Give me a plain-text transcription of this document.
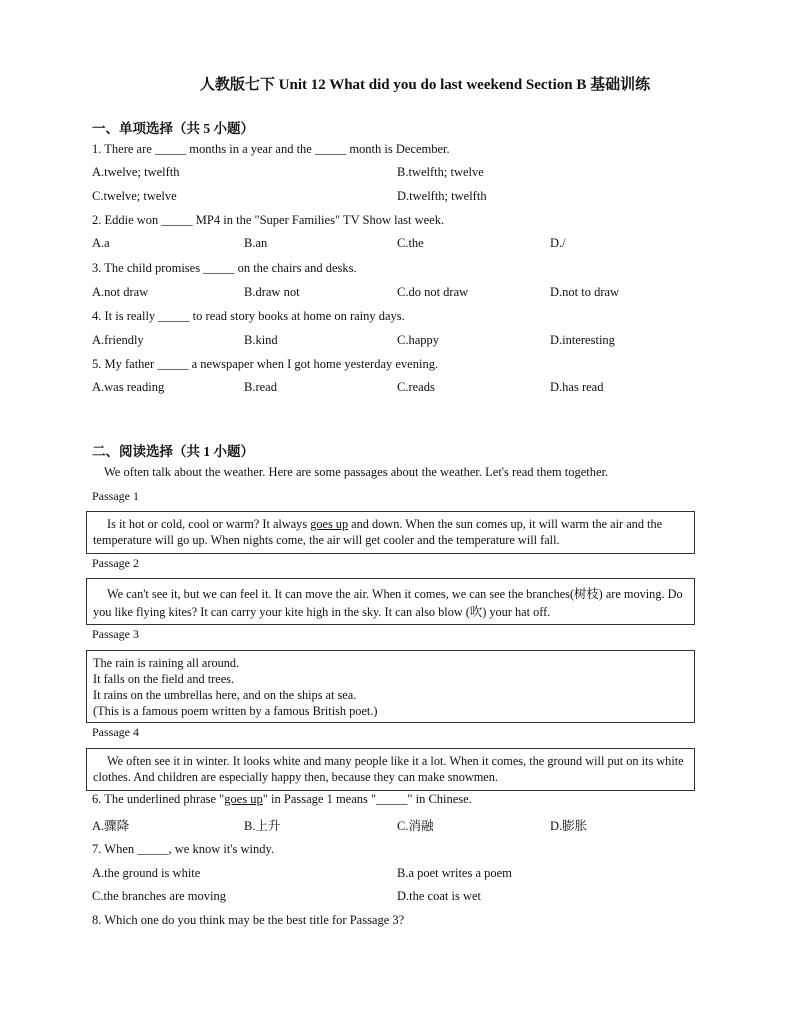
人教版七下 Unit 12 What did you do last weekend Section B 基础训练
一、单项选择（共 5 小题）
1. There are _____ months in a year and the _____ month is December.
A.twelve; twelfth	B.twelfth; twelve
C.twelve; twelve	D.twelfth; twelfth
2. Eddie won _____ MP4 in the "Super Families" TV Show last week.
A.a	B.an	C.the	D./
3. The child promises _____ on the chairs and desks.
A.not draw	B.draw not	C.do not draw	D.not to draw
4. It is really _____ to read story books at home on rainy days.
A.friendly	B.kind	C.happy	D.interesting
5. My father _____ a newspaper when I got home yesterday evening.
A.was reading	B.read	C.reads	D.has read
二、阅读选择（共 1 小题）
We often talk about the weather. Here are some passages about the weather. Let's read them together.
Passage 1

Is it hot or cold, cool or warm? It always goes up and down. When the sun comes up, it will warm the air and the temperature will go up. When nights come, the air will get cooler and the temperature will fall.

Passage 2

We can't see it, but we can feel it. It can move the air. When it comes, we can see the branches(树枝) are moving. Do you like flying kites? It can carry your kite high in the sky. It can also blow (吹) your hat off.

Passage 3

The rain is raining all around.

It falls on the field and trees.

It rains on the umbrellas here, and on the ships at sea.

(This is a famous poem written by a famous British poet.)

Passage 4

We often see it in winter. It looks white and many people like it a lot. When it comes, the ground will put on its white clothes. And children are especially happy then, because they can make snowmen.

6. The underlined phrase "goes up" in Passage 1 means "_____" in Chinese.
A.骤降	B.上升	C.消融	D.膨胀
7. When _____, we know it's windy.
A.the ground is white	B.a poet writes a poem
C.the branches are moving	D.the coat is wet
8. Which one do you think may be the best title for Passage 3?
